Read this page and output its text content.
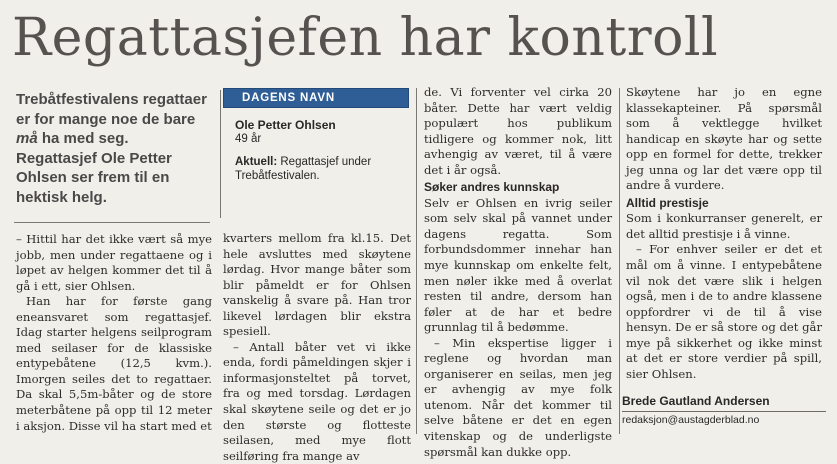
Regattasjefen har kontroll
Trebåtfestivalens regattaer er for mange noe de bare må ha med seg. Regattasjef Ole Petter Ohlsen ser frem til en hektisk helg.
DAGENS NAVN
Ole Petter Ohlsen
49 år
Aktuell: Regattasjef under Trebåtfestivalen.

– Hittil har det ikke vært så mye jobb, men under regattaene og i løpet av helgen kommer det til å gå i ett, sier Ohlsen.

Han har for første gang eneansvaret som regattasjef. Idag starter helgens seilprogram med seilaser for de klassiske entypebåtene (12,5 kvm.). Imorgen seiles det to regattaer. Da skal 5,5m-båter og de store meterbåtene på opp til 12 meter i aksjon. Disse vil ha start med et

kvarters mellom fra kl.15. Det hele avsluttes med skøytene lørdag. Hvor mange båter som blir påmeldt er for Ohlsen vanskelig å svare på. Han tror likevel lørdagen blir ekstra spesiell.

– Antall båter vet vi ikke enda, fordi påmeldingen skjer i informasjonsteltet på torvet, fra og med torsdag. Lørdagen skal skøytene seile og det er jo den største og flotteste seilasen, med mye flott seilføring fra mange av

de. Vi forventer vel cirka 20 båter. Dette har vært veldig populært hos publikum tidligere og kommer nok, litt avhengig av været, til å være det i år også.

Søker andres kunnskap

Selv er Ohlsen en ivrig seiler som selv skal på vannet under dagens regatta. Som forbundsdommer innehar han mye kunnskap om enkelte felt, men nøler ikke med å overlat resten til andre, dersom han føler at de har et bedre grunnlag til å bedømme.

– Min ekspertise ligger i reglene og hvordan man organiserer en seilas, men jeg er avhengig av mye folk utenom. Når det kommer til selve båtene er det en egen vitenskap og de underligste spørsmål kan dukke opp.

Skøytene har jo en egne klassekapteiner. På spørsmål som å vektlegge hvilket handicap en skøyte har og sette opp en formel for dette, trekker jeg unna og lar det være opp til andre å vurdere.

Alltid prestisje

Som i konkurranser generelt, er det alltid prestisje i å vinne.

– For enhver seiler er det et mål om å vinne. I entypebåtene vil nok det være slik i helgen også, men i de to andre klassene oppfordrer vi de til å vise hensyn. De er så store og det går mye på sikkerhet og ikke minst at det er store verdier på spill, sier Ohlsen.

Brede Gautland Andersen
redaksjon@austagderblad.no
